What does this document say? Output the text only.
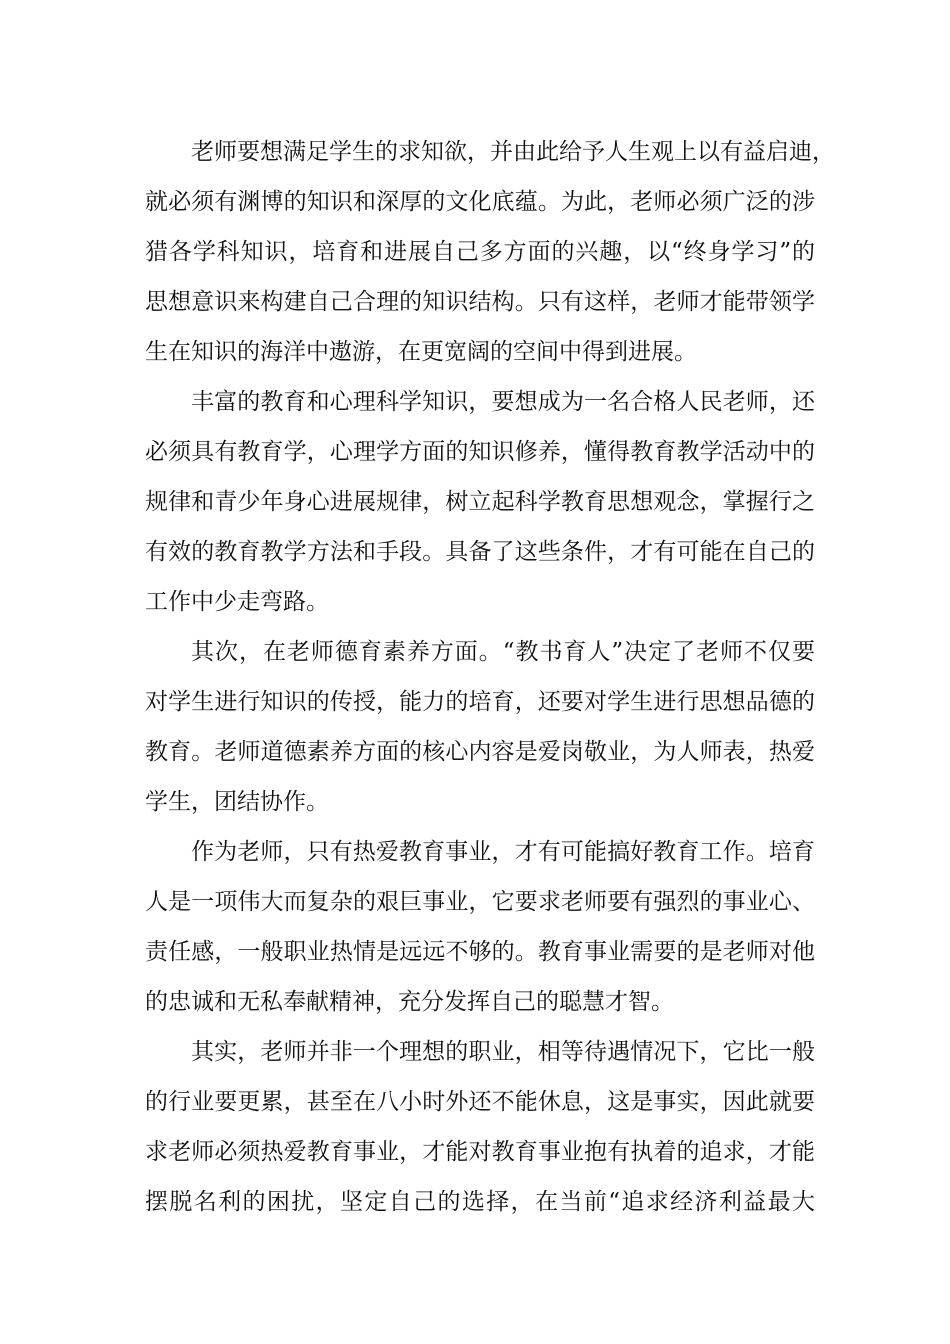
老师要想满足学生的求知欲，并由此给予人生观上以有益启迪，
就必须有渊博的知识和深厚的文化底蕴。为此，老师必须广泛的涉
猎各学科知识，培育和进展自己多方面的兴趣，以“终身学习”的
思想意识来构建自己合理的知识结构。只有这样，老师才能带领学
生在知识的海洋中遨游，在更宽阔的空间中得到进展。
丰富的教育和心理科学知识，要想成为一名合格人民老师，还
必须具有教育学，心理学方面的知识修养，懂得教育教学活动中的
规律和青少年身心进展规律，树立起科学教育思想观念，掌握行之
有效的教育教学方法和手段。具备了这些条件，才有可能在自己的
工作中少走弯路。
其次，在老师德育素养方面。“教书育人”决定了老师不仅要
对学生进行知识的传授，能力的培育，还要对学生进行思想品德的
教育。老师道德素养方面的核心内容是爱岗敬业，为人师表，热爱
学生，团结协作。
作为老师，只有热爱教育事业，才有可能搞好教育工作。培育
人是一项伟大而复杂的艰巨事业，它要求老师要有强烈的事业心、
责任感，一般职业热情是远远不够的。教育事业需要的是老师对他
的忠诚和无私奉献精神，充分发挥自己的聪慧才智。
其实，老师并非一个理想的职业，相等待遇情况下，它比一般
的行业要更累，甚至在八小时外还不能休息，这是事实，因此就要
求老师必须热爱教育事业，才能对教育事业抱有执着的追求，才能
摆脱名利的困扰，坚定自己的选择，在当前“追求经济利益最大
